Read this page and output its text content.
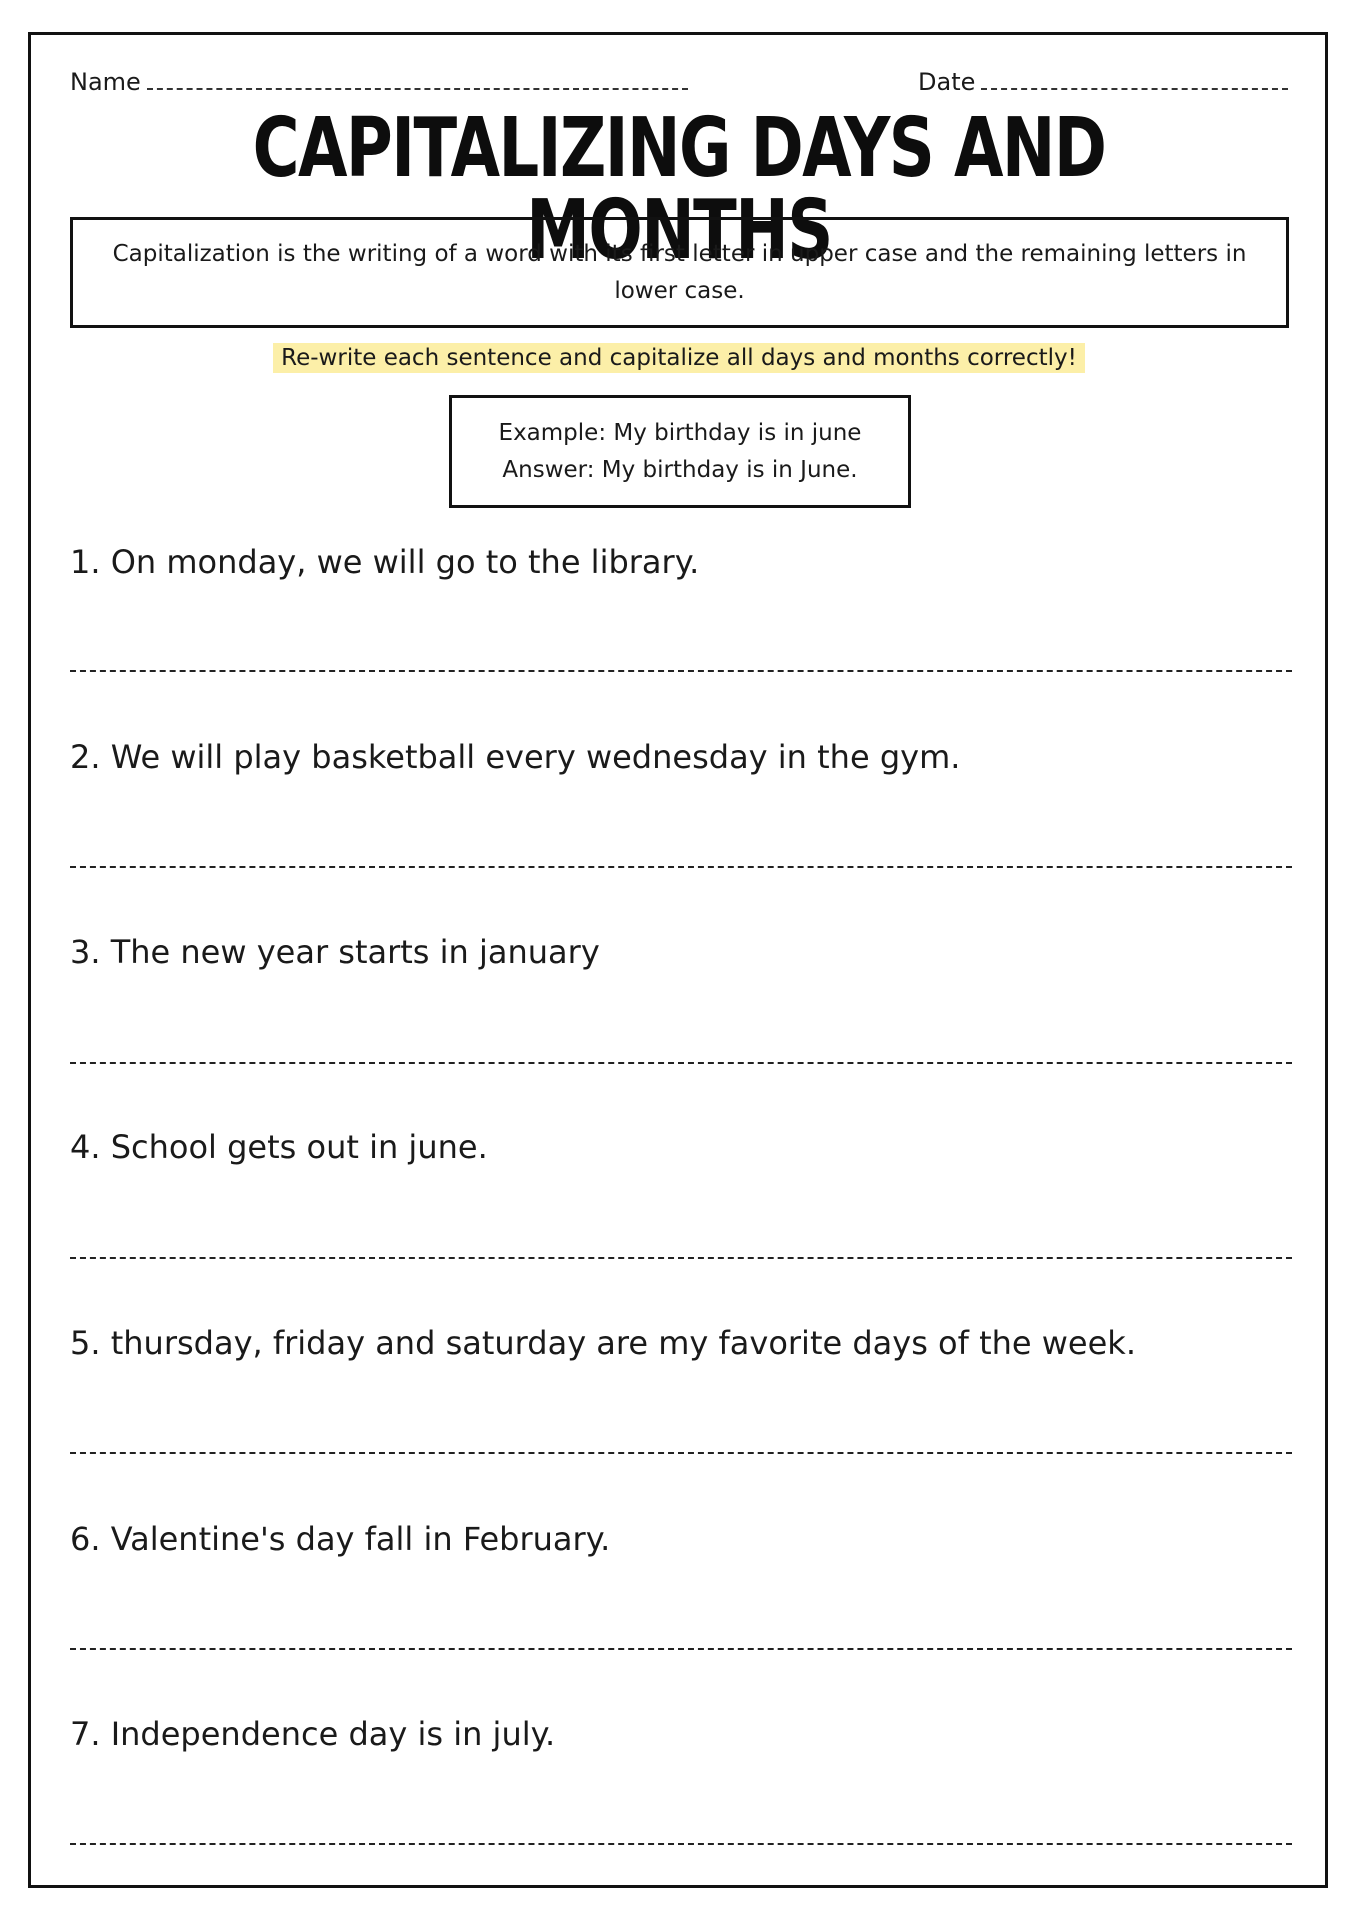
Name	Date
CAPITALIZING DAYS AND MONTHS
Capitalization is the writing of a word with its first letter in upper case and the remaining letters in lower case.
Re-write each sentence and capitalize all days and months correctly!
Example: My birthday is in june
Answer: My birthday is in June.
1. On monday, we will go to the library.
2. We will play basketball every wednesday in the gym.
3. The new year starts in january
4. School gets out in june.
5. thursday, friday and saturday are my favorite days of the week.
6. Valentine's day fall in February.
7. Independence day is in july.
